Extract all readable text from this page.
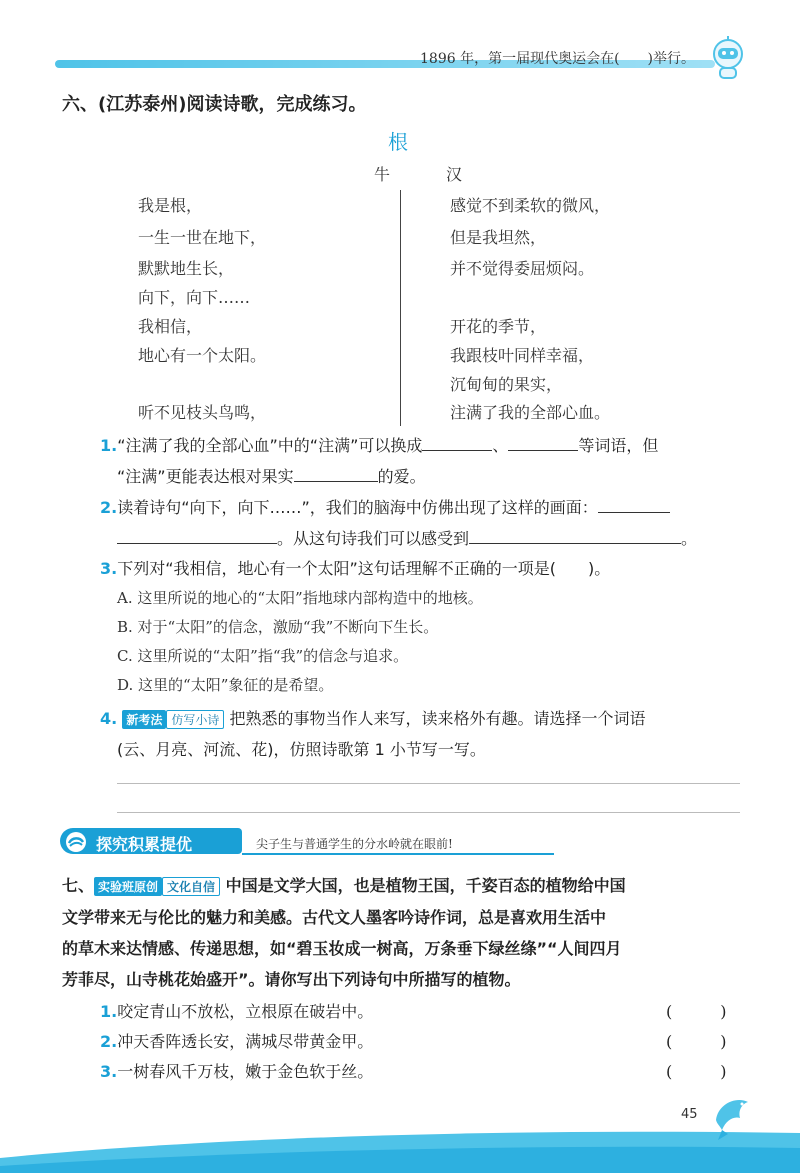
1896 年，第一届现代奥运会在(　　)举行。
六、(江苏泰州)阅读诗歌，完成练习。
根
牛　汉
我是根，
一生一世在地下，
默默地生长，
向下，向下……
我相信，
地心有一个太阳。
听不见枝头鸟鸣，
感觉不到柔软的微风，
但是我坦然，
并不觉得委屈烦闷。
开花的季节，
我跟枝叶同样幸福，
沉甸甸的果实，
注满了我的全部心血。
1.“注满了我的全部心血”中的“注满”可以换成	、	等词语，但
“注满”更能表达根对果实	的爱。
2.读着诗句“向下，向下……”，我们的脑海中仿佛出现了这样的画面：
。从这句诗我们可以感受到	。
3.下列对“我相信，地心有一个太阳”这句话理解不正确的一项是(　　)。
A. 这里所说的地心的“太阳”指地球内部构造中的地核。
B. 对于“太阳”的信念，激励“我”不断向下生长。
C. 这里所说的“太阳”指“我”的信念与追求。
D. 这里的“太阳”象征的是希望。
4. 新考法 仿写小诗 把熟悉的事物当作人来写，读来格外有趣。请选择一个词语
(云、月亮、河流、花)，仿照诗歌第 1 小节写一写。
探究积累提优	尖子生与普通学生的分水岭就在眼前!
七、 实验班原创 文化自信 中国是文学大国，也是植物王国，千姿百态的植物给中国
文学带来无与伦比的魅力和美感。古代文人墨客吟诗作词，总是喜欢用生活中
的草木来达情感、传递思想，如“碧玉妆成一树高，万条垂下绿丝绦”“人间四月
芳菲尽，山寺桃花始盛开”。请你写出下列诗句中所描写的植物。
1.咬定青山不放松，立根原在破岩中。	(　　　)
2.冲天香阵透长安，满城尽带黄金甲。	(　　　)
3.一树春风千万枝，嫩于金色软于丝。	(　　　)
45
